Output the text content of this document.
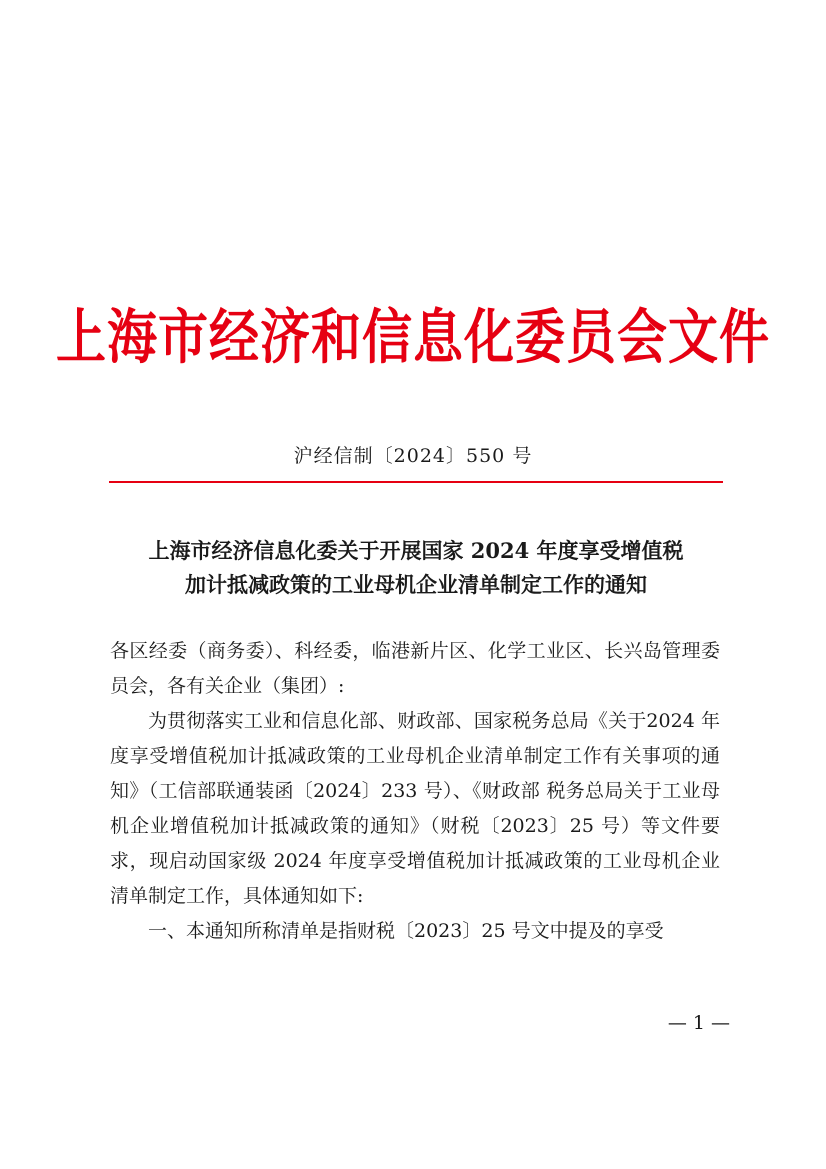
上海市经济和信息化委员会文件
沪经信制〔2024〕550 号
上海市经济信息化委关于开展国家 2024 年度享受增值税
加计抵减政策的工业母机企业清单制定工作的通知

各区经委（商务委）、科经委，临港新片区、化学工业区、长兴岛管理委员会，各有关企业（集团）:

为贯彻落实工业和信息化部、财政部、国家税务总局《关于2024 年度享受增值税加计抵减政策的工业母机企业清单制定工作有关事项的通知》（工信部联通装函〔2024〕233 号）、《财政部 税务总局关于工业母机企业增值税加计抵减政策的通知》（财税〔2023〕25 号）等文件要求，现启动国家级 2024 年度享受增值税加计抵减政策的工业母机企业清单制定工作，具体通知如下:

一、本通知所称清单是指财税〔2023〕25 号文中提及的享受

— 1 —
